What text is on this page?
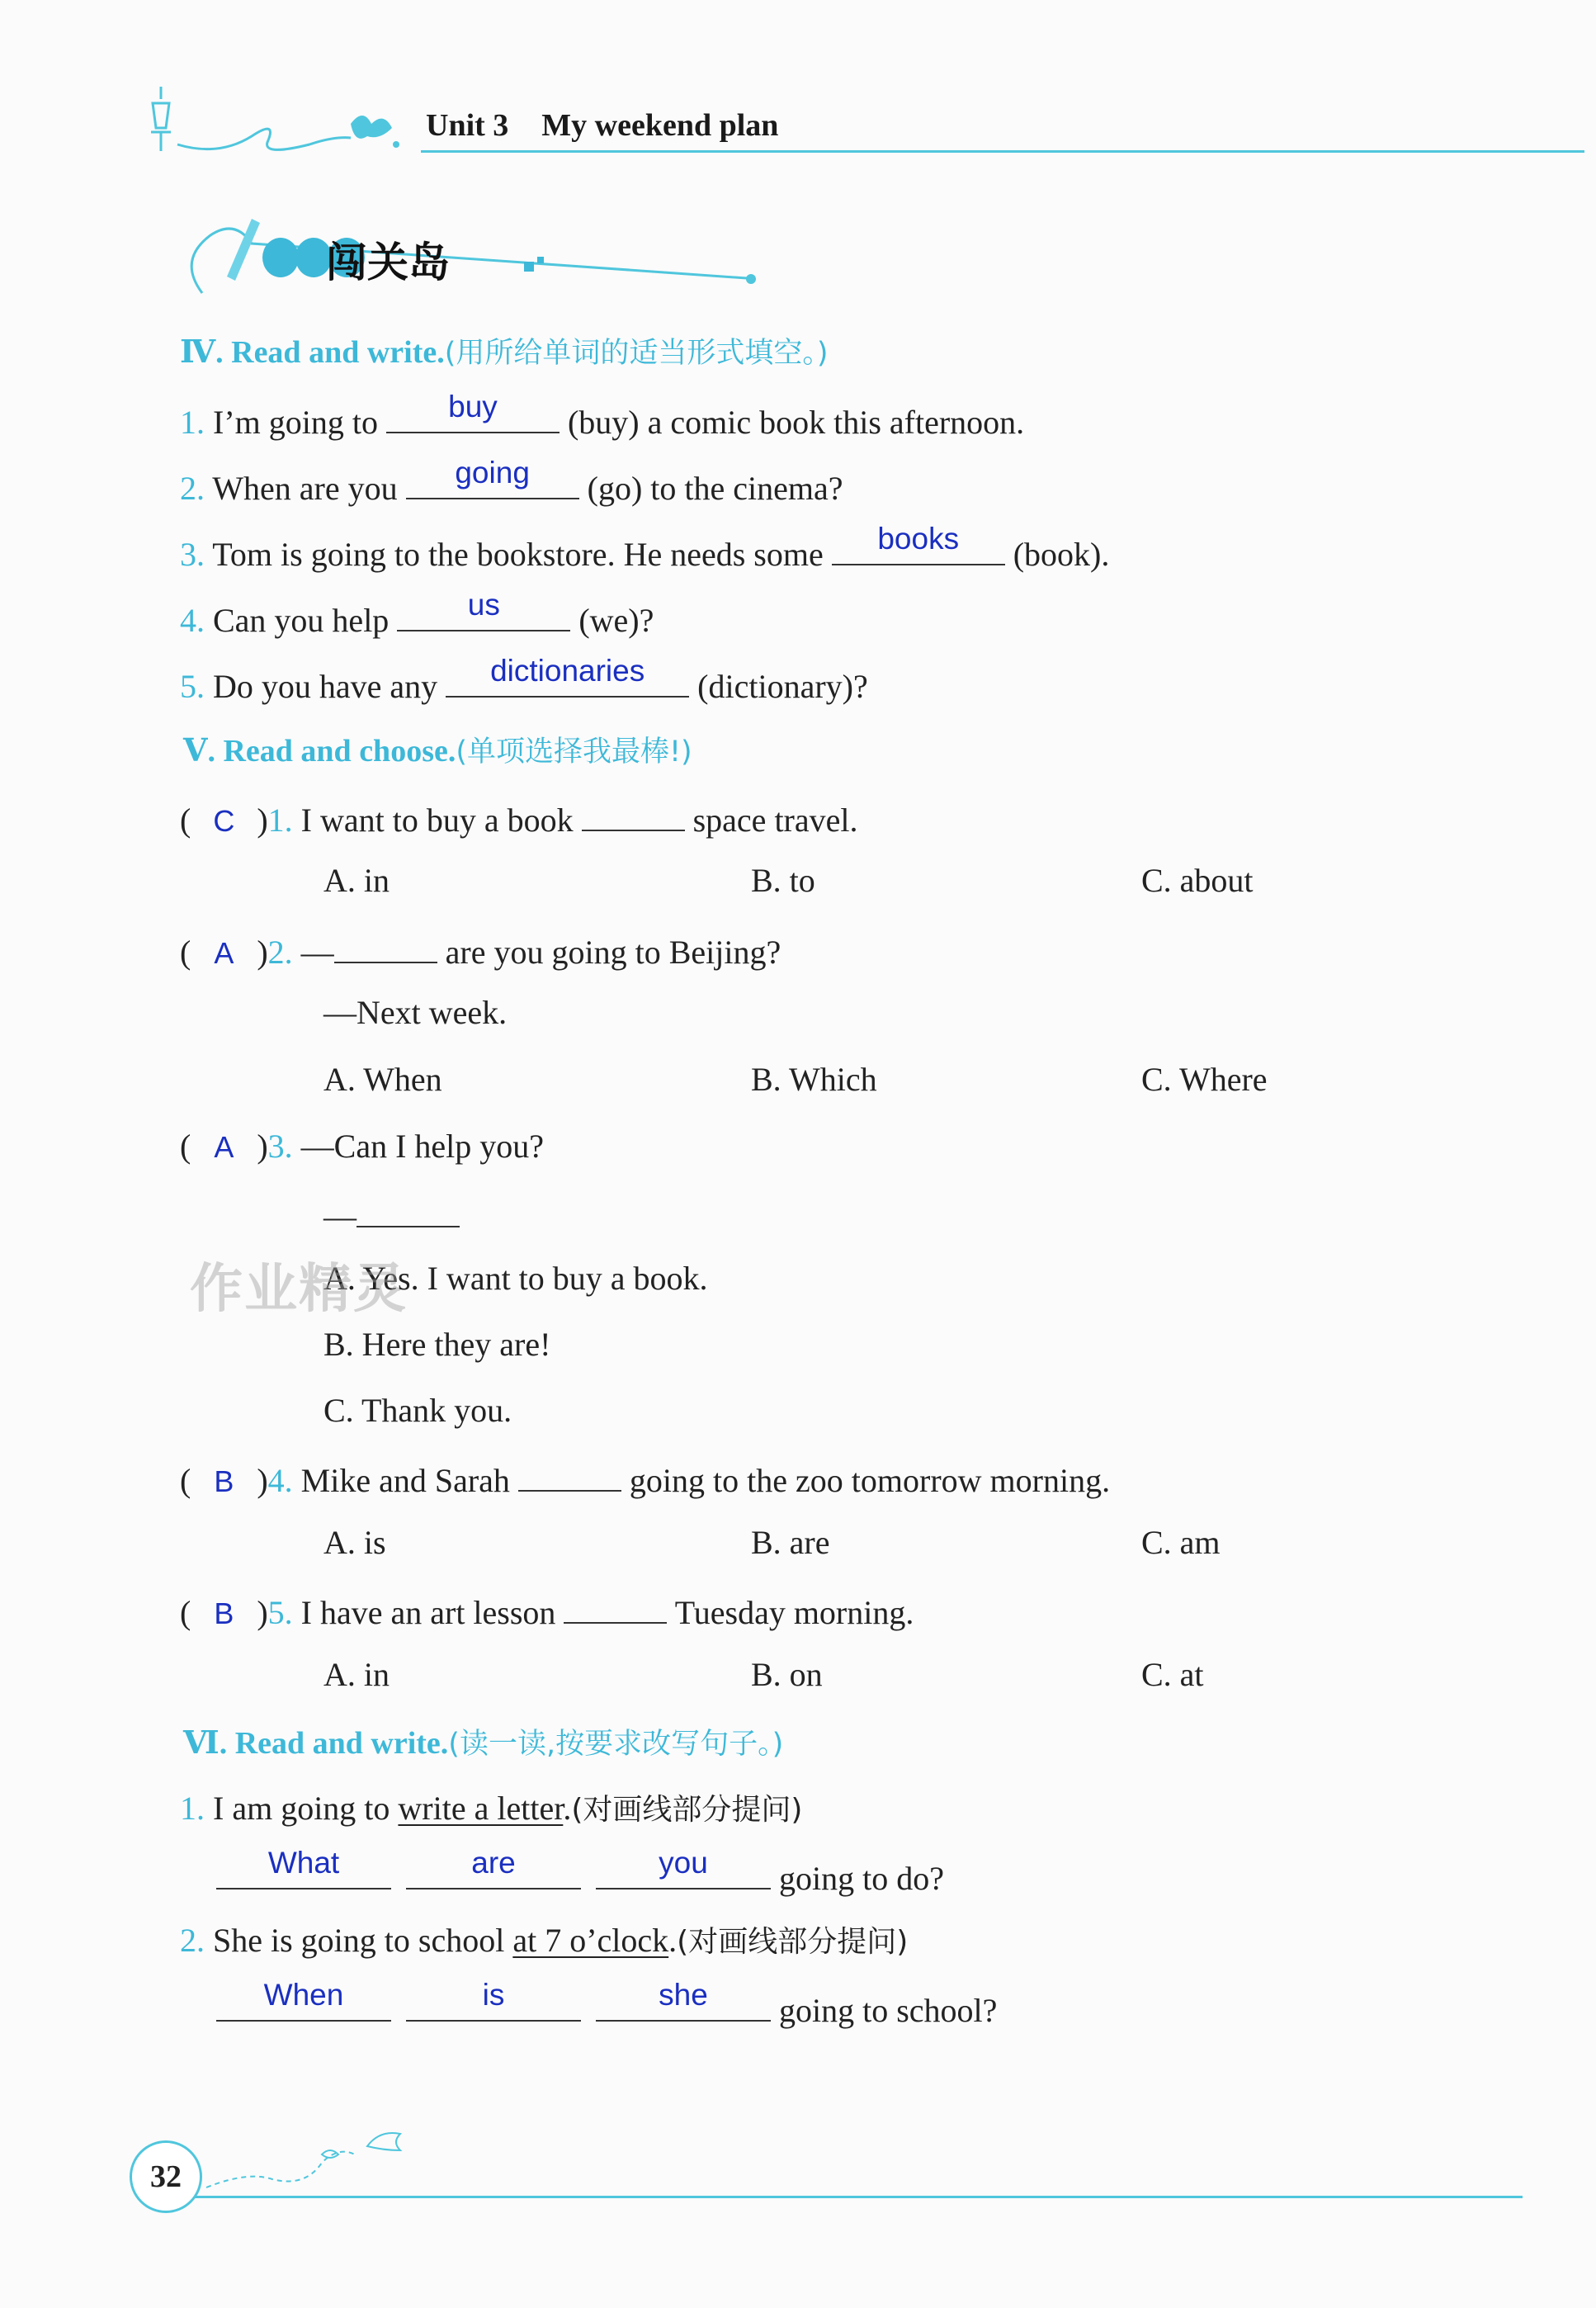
Unit 3 My weekend plan
闯关岛
Ⅳ. Read and write.(用所给单词的适当形式填空。)
1. I’m going to	buy	(buy) a comic book this afternoon.
2. When are you	going	(go) to the cinema?
3. Tom is going to the bookstore. He needs some	books	(book).
4. Can you help	us	(we)?
5. Do you have any	dictionaries	(dictionary)?
Ⅴ. Read and choose.(单项选择我最棒!)
( C )1. I want to buy a book	space travel.
A. in	B. to	C. about
( A )2. —	are you going to Beijing?
—Next week.
A. When	B. Which	C. Where
( A )3. —Can I help you?
—
A. Yes. I want to buy a book.
B. Here they are!
C. Thank you.
作业精灵
( B )4. Mike and Sarah	going to the zoo tomorrow morning.
A. is	B. are	C. am
( B )5. I have an art lesson	Tuesday morning.
A. in	B. on	C. at
Ⅵ. Read and write.(读一读,按要求改写句子。)
1. I am going to write a letter.(对画线部分提问)
What	are	you	going to do?
2. She is going to school at 7 o’clock.(对画线部分提问)
When	is	she	going to school?
32
